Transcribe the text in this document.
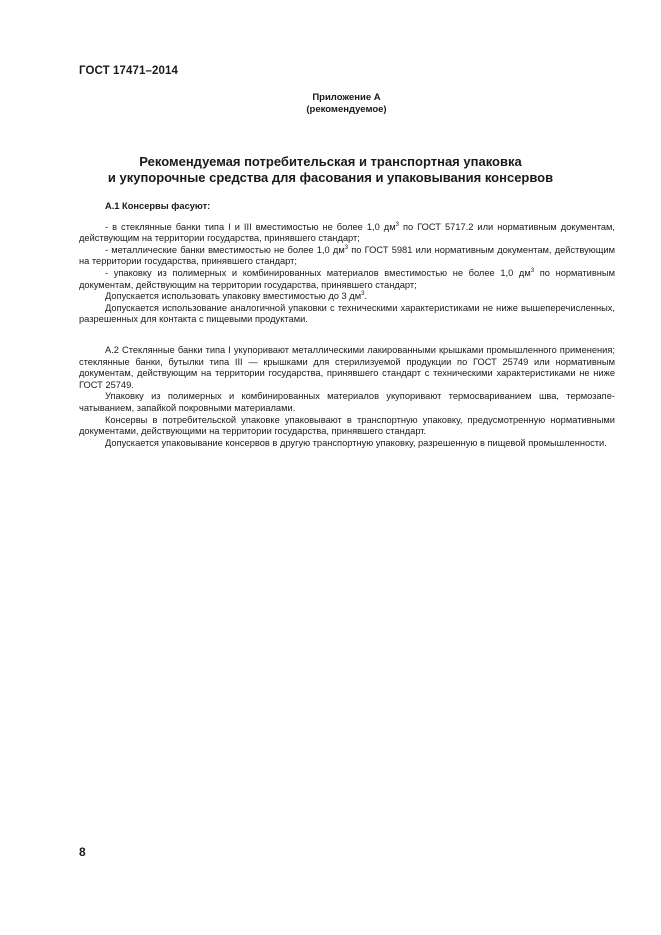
ГОСТ 17471–2014
Приложение А
(рекомендуемое)
Рекомендуемая потребительская и транспортная упаковка
и укупорочные средства для фасования и упаковывания консервов
А.1 Консервы фасуют:

- в стеклянные банки типа I и III вместимостью не более 1,0 $дм^3$ по ГОСТ 5717.2 или нормативным документам, действующим на территории государства, принявшего стандарт;

- металлические банки вместимостью не более 1,0 $дм^3$ по ГОСТ 5981 или нормативным документам, действующим на территории государства, принявшего стандарт;

- упаковку из полимерных и комбинированных материалов вместимостью не более 1,0 $дм^3$ по нормативным документам, действующим на территории государства, принявшего стандарт;

Допускается использовать упаковку вместимостью до 3 $дм^3$.

Допускается использование аналогичной упаковки с техническими характеристиками не ниже вышеперечисленных, разрешенных для контакта с пищевыми продуктами.

А.2 Стеклянные банки типа I укупоривают металлическими лакированными крышками промышленного применения; стеклянные банки, бутылки типа III — крышками для стерилизуемой продукции по ГОСТ 25749 или нормативным документам, действующим на территории государства, принявшего стандарт с техническими характеристиками не ниже ГОСТ 25749.

Упаковку из полимерных и комбинированных материалов укупоривают термосвариванием шва, термозапечатыванием, запайкой покровными материалами.

Консервы в потребительской упаковке упаковывают в транспортную упаковку, предусмотренную нормативными документами, действующими на территории государства, принявшего стандарт.

Допускается упаковывание консервов в другую транспортную упаковку, разрешенную в пищевой промышленности.

8
